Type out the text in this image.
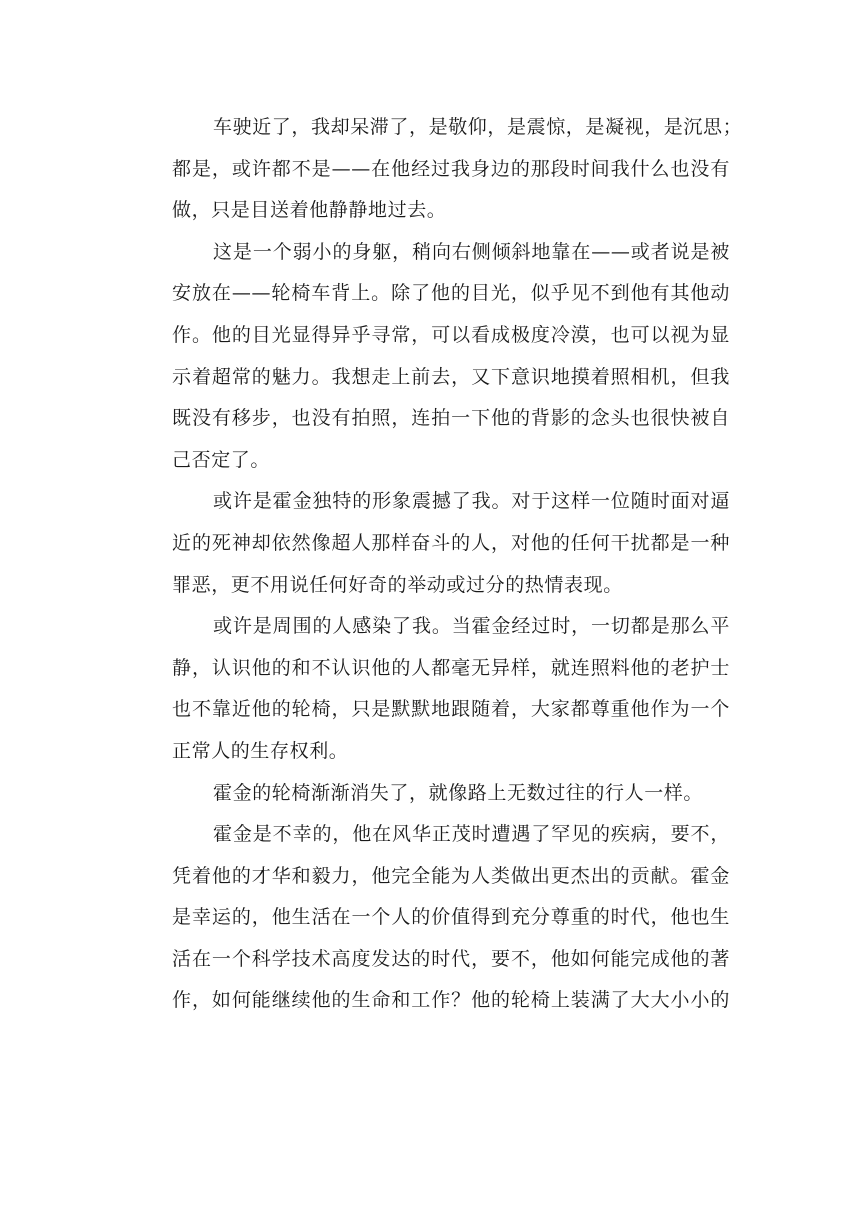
车驶近了，我却呆滞了，是敬仰，是震惊，是凝视，是沉思；
都是，或许都不是——在他经过我身边的那段时间我什么也没有
做，只是目送着他静静地过去。
这是一个弱小的身躯，稍向右侧倾斜地靠在——或者说是被
安放在——轮椅车背上。除了他的目光，似乎见不到他有其他动
作。他的目光显得异乎寻常，可以看成极度冷漠，也可以视为显
示着超常的魅力。我想走上前去，又下意识地摸着照相机，但我
既没有移步，也没有拍照，连拍一下他的背影的念头也很快被自
己否定了。
或许是霍金独特的形象震撼了我。对于这样一位随时面对逼
近的死神却依然像超人那样奋斗的人，对他的任何干扰都是一种
罪恶，更不用说任何好奇的举动或过分的热情表现。
或许是周围的人感染了我。当霍金经过时，一切都是那么平
静，认识他的和不认识他的人都毫无异样，就连照料他的老护士
也不靠近他的轮椅，只是默默地跟随着，大家都尊重他作为一个
正常人的生存权利。
霍金的轮椅渐渐消失了，就像路上无数过往的行人一样。
霍金是不幸的，他在风华正茂时遭遇了罕见的疾病，要不，
凭着他的才华和毅力，他完全能为人类做出更杰出的贡献。霍金
是幸运的，他生活在一个人的价值得到充分尊重的时代，他也生
活在一个科学技术高度发达的时代，要不，他如何能完成他的著
作，如何能继续他的生命和工作？他的轮椅上装满了大大小小的
